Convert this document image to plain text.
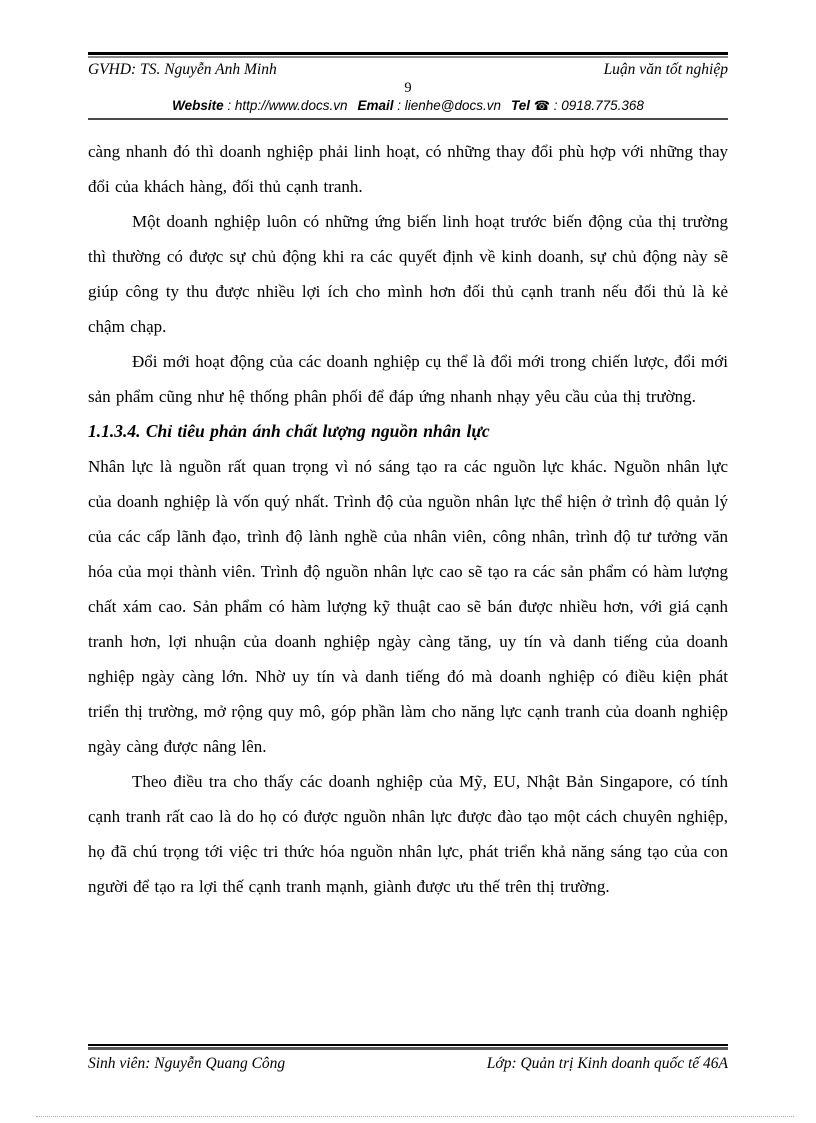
GVHD: TS. Nguyễn Anh Minh	Luận văn tốt nghiệp
9
Website : http://www.docs.vn Email : lienhe@docs.vn Tel ☎ : 0918.775.368

càng nhanh đó thì doanh nghiệp phải linh hoạt, có những thay đổi phù hợp với những thay đổi của khách hàng, đối thủ cạnh tranh.

Một doanh nghiệp luôn có những ứng biến linh hoạt trước biến động của thị trường thì thường có được sự chủ động khi ra các quyết định về kinh doanh, sự chủ động này sẽ giúp công ty thu được nhiều lợi ích cho mình hơn đối thủ cạnh tranh nếu đối thủ là kẻ chậm chạp.

Đổi mới hoạt động của các doanh nghiệp cụ thể là đổi mới trong chiến lược, đổi mới sản phẩm cũng như hệ thống phân phối để đáp ứng nhanh nhạy yêu cầu của thị trường.

1.1.3.4. Chỉ tiêu phản ánh chất lượng nguồn nhân lực

Nhân lực là nguồn rất quan trọng vì nó sáng tạo ra các nguồn lực khác. Nguồn nhân lực của doanh nghiệp là vốn quý nhất. Trình độ của nguồn nhân lực thể hiện ở trình độ quản lý của các cấp lãnh đạo, trình độ lành nghề của nhân viên, công nhân, trình độ tư tưởng văn hóa của mọi thành viên. Trình độ nguồn nhân lực cao sẽ tạo ra các sản phẩm có hàm lượng chất xám cao. Sản phẩm có hàm lượng kỹ thuật cao sẽ bán được nhiều hơn, với giá cạnh tranh hơn, lợi nhuận của doanh nghiệp ngày càng tăng, uy tín và danh tiếng của doanh nghiệp ngày càng lớn. Nhờ uy tín và danh tiếng đó mà doanh nghiệp có điều kiện phát triển thị trường, mở rộng quy mô, góp phần làm cho năng lực cạnh tranh của doanh nghiệp ngày càng được nâng lên.

Theo điều tra cho thấy các doanh nghiệp của Mỹ, EU, Nhật Bản Singapore, có tính cạnh tranh rất cao là do họ có được nguồn nhân lực được đào tạo một cách chuyên nghiệp, họ đã chú trọng tới việc tri thức hóa nguồn nhân lực, phát triển khả năng sáng tạo của con người để tạo ra lợi thế cạnh tranh mạnh, giành được ưu thế trên thị trường.

Sinh viên: Nguyễn Quang Công	Lớp: Quản trị Kinh doanh quốc tế 46A
